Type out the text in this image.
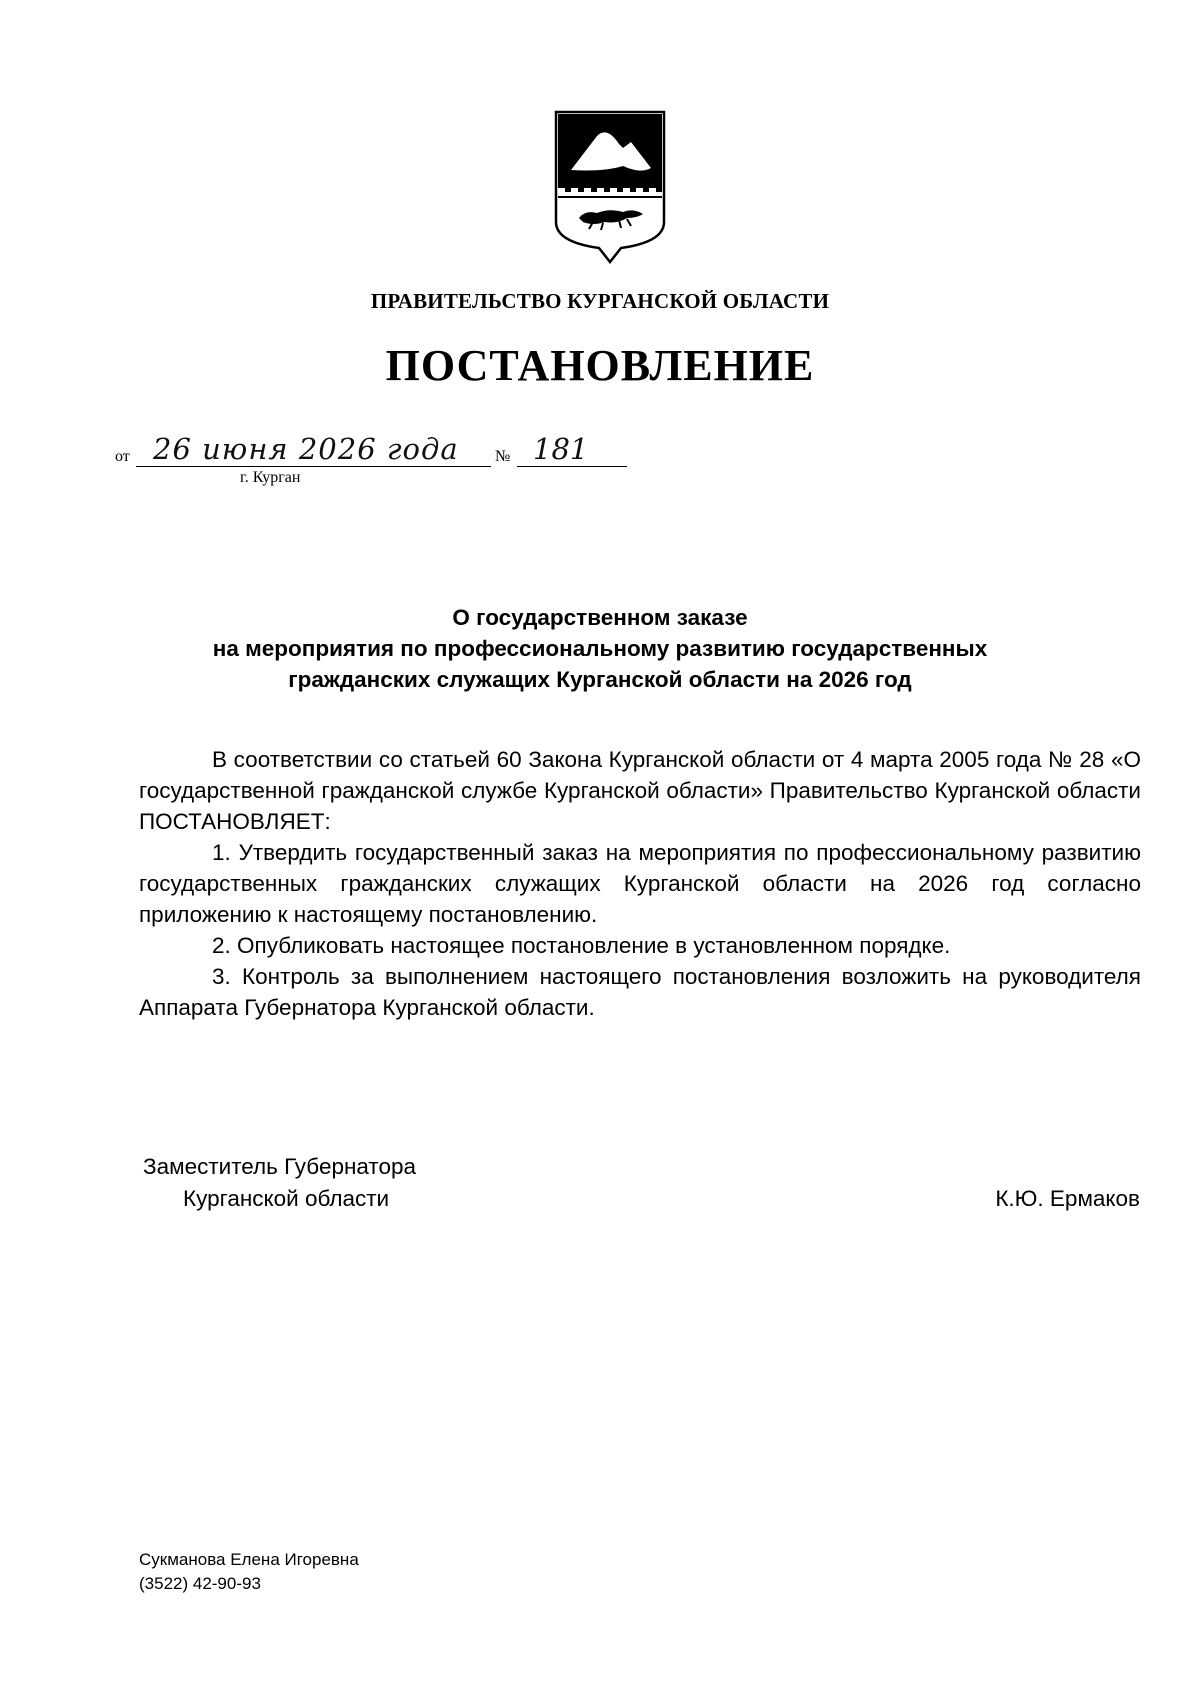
ПРАВИТЕЛЬСТВО КУРГАНСКОЙ ОБЛАСТИ
ПОСТАНОВЛЕНИЕ
от 26 июня 2026 года № 181
г. Курган
О государственном заказе
на мероприятия по профессиональному развитию государственных
гражданских служащих Курганской области на 2026 год

В соответствии со статьей 60 Закона Курганской области от 4 марта 2005 года № 28 «О государственной гражданской службе Курганской области» Правительство Курганской области ПОСТАНОВЛЯЕТ:

1. Утвердить государственный заказ на мероприятия по профессиональному развитию государственных гражданских служащих Курганской области на 2026 год согласно приложению к настоящему постановлению.

2. Опубликовать настоящее постановление в установленном порядке.

3. Контроль за выполнением настоящего постановления возложить на руководителя Аппарата Губернатора Курганской области.

Заместитель Губернатора
Курганской области	К.Ю. Ермаков
Сукманова Елена Игоревна
(3522) 42-90-93
